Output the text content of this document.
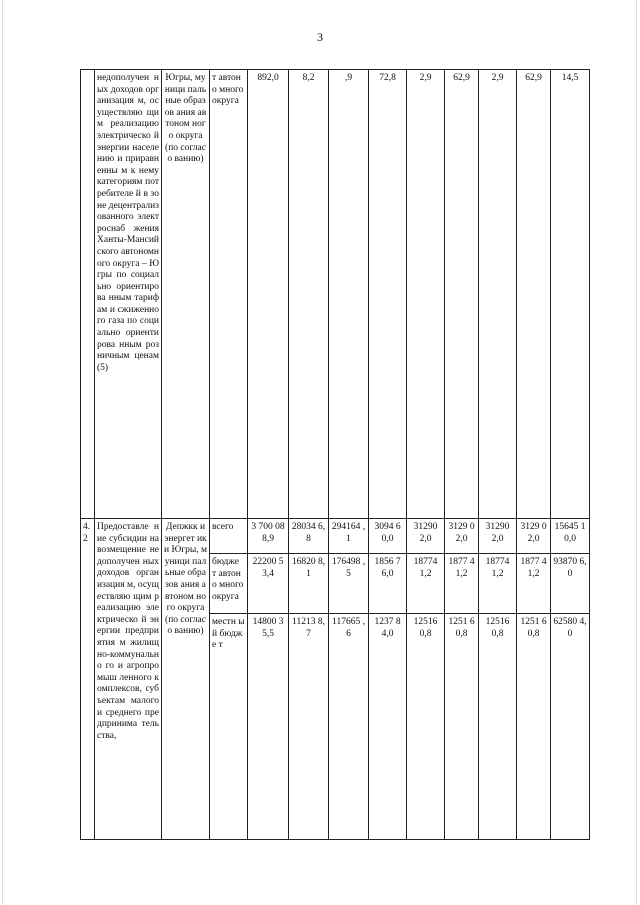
3
	недополучен ных доходов организация м, осуществляю щим реализацию электрическо й энергии населению и приравненны м к нему категориям потребителе й в зоне децентрализ ованного электроснаб жения Ханты-Мансийского автономного округа – Югры по социально ориентирова нным тарифам и сжиженного газа по социально ориентирова нным розничным ценам (5)	Югры, муници пальные образов ания автоном ного округа (по согласо ванию)	т автоно много округа	892,0	8,2	,9	72,8	2,9	62,9	2,9	62,9	14,5
4. 2	Предоставле ние субсидии на возмещение недополучен ных доходов организация м, осуществляю щим реализацию электрическо й энергии предприятия м жилищно-коммунально го и агропромыш ленного комплексов, субъектам малого и среднего предпринима тельства,	Депжкк и энергет ики Югры, муници пальные образов ания автоном ного округа (по согласо ванию)	всего	3 700 088,9	28034 6,8	294164 ,1	3094 60,0	31290 2,0	3129 02,0	31290 2,0	3129 02,0	15645 10,0
			бюдже т автоно много округа	22200 53,4	16820 8,1	176498 ,5	1856 76,0	18774 1,2	1877 41,2	18774 1,2	1877 41,2	93870 6,0
			местн ый бюдже т	14800 35,5	11213 8,7	117665 ,6	1237 84,0	12516 0,8	1251 60,8	12516 0,8	1251 60,8	62580 4,0
